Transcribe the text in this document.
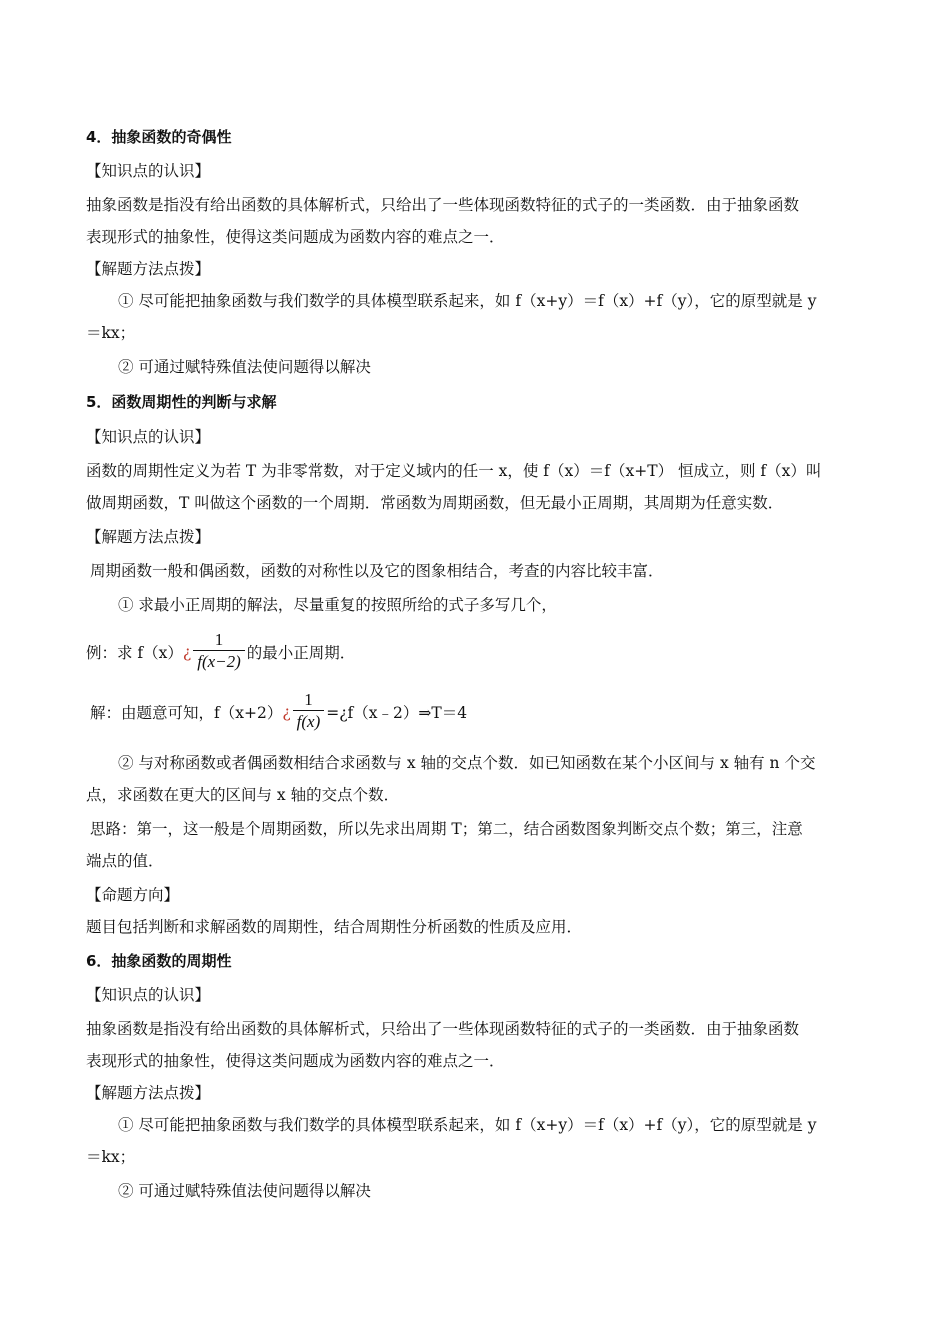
4．抽象函数的奇偶性
【知识点的认识】
抽象函数是指没有给出函数的具体解析式，只给出了一些体现函数特征的式子的一类函数．由于抽象函数
表现形式的抽象性，使得这类问题成为函数内容的难点之一．
【解题方法点拨】
① 尽可能把抽象函数与我们数学的具体模型联系起来，如 f（x+y）＝f（x）+f（y），它的原型就是 y
＝kx；
② 可通过赋特殊值法使问题得以解决
5．函数周期性的判断与求解
【知识点的认识】
函数的周期性定义为若 T 为非零常数，对于定义域内的任一 x，使 f（x）＝f（x+T） 恒成立，则 f（x）叫
做周期函数，T 叫做这个函数的一个周期．常函数为周期函数，但无最小正周期，其周期为任意实数．
【解题方法点拨】
周期函数一般和偶函数，函数的对称性以及它的图象相结合，考查的内容比较丰富．
① 求最小正周期的解法，尽量重复的按照所给的式子多写几个，
例：求 f（x） ¿ $\frac{1}{f(x-2)}$ 的最小正周期．
解：由题意可知，f（x+2） ¿ $\frac{1}{f(x)}$ =¿f（x﹣2）⇒T＝4
② 与对称函数或者偶函数相结合求函数与 x 轴的交点个数．如已知函数在某个小区间与 x 轴有 n 个交
点，求函数在更大的区间与 x 轴的交点个数．
思路：第一，这一般是个周期函数，所以先求出周期 T；第二，结合函数图象判断交点个数；第三，注意
端点的值．
【命题方向】
题目包括判断和求解函数的周期性，结合周期性分析函数的性质及应用．
6．抽象函数的周期性
【知识点的认识】
抽象函数是指没有给出函数的具体解析式，只给出了一些体现函数特征的式子的一类函数．由于抽象函数
表现形式的抽象性，使得这类问题成为函数内容的难点之一．
【解题方法点拨】
① 尽可能把抽象函数与我们数学的具体模型联系起来，如 f（x+y）＝f（x）+f（y），它的原型就是 y
＝kx；
② 可通过赋特殊值法使问题得以解决
